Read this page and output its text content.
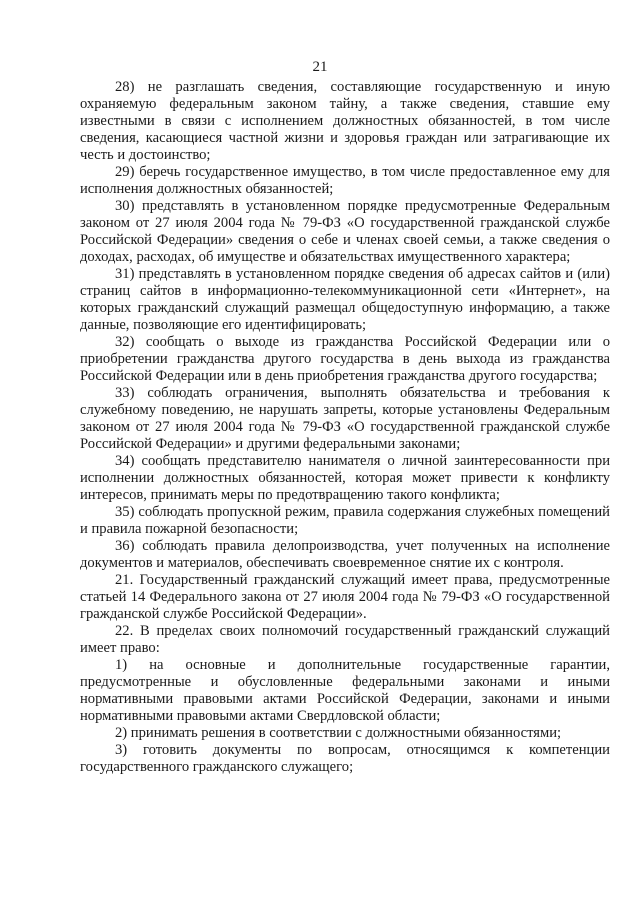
21

28) не разглашать сведения, составляющие государственную и иную охраняемую федеральным законом тайну, а также сведения, ставшие ему известными в связи с исполнением должностных обязанностей, в том числе сведения, касающиеся частной жизни и здоровья граждан или затрагивающие их честь и достоинство;

29) беречь государственное имущество, в том числе предоставленное ему для исполнения должностных обязанностей;

30) представлять в установленном порядке предусмотренные Федеральным законом от 27 июля 2004 года № 79-ФЗ «О государственной гражданской службе Российской Федерации» сведения о себе и членах своей семьи, а также сведения о доходах, расходах, об имуществе и обязательствах имущественного характера;

31) представлять в установленном порядке сведения об адресах сайтов и (или) страниц сайтов в информационно-телекоммуникационной сети «Интернет», на которых гражданский служащий размещал общедоступную информацию, а также данные, позволяющие его идентифицировать;

32) сообщать о выходе из гражданства Российской Федерации или о приобретении гражданства другого государства в день выхода из гражданства Российской Федерации или в день приобретения гражданства другого государства;

33) соблюдать ограничения, выполнять обязательства и требования к служебному поведению, не нарушать запреты, которые установлены Федеральным законом от 27 июля 2004 года № 79-ФЗ «О государственной гражданской службе Российской Федерации» и другими федеральными законами;

34) сообщать представителю нанимателя о личной заинтересованности при исполнении должностных обязанностей, которая может привести к конфликту интересов, принимать меры по предотвращению такого конфликта;

35) соблюдать пропускной режим, правила содержания служебных помещений и правила пожарной безопасности;

36) соблюдать правила делопроизводства, учет полученных на исполнение документов и материалов, обеспечивать своевременное снятие их с контроля.

21. Государственный гражданский служащий имеет права, предусмотренные статьей 14 Федерального закона от 27 июля 2004 года № 79-ФЗ «О государственной гражданской службе Российской Федерации».

22. В пределах своих полномочий государственный гражданский служащий имеет право:

1) на основные и дополнительные государственные гарантии, предусмотренные и обусловленные федеральными законами и иными нормативными правовыми актами Российской Федерации, законами и иными нормативными правовыми актами Свердловской области;

2) принимать решения в соответствии с должностными обязанностями;

3) готовить документы по вопросам, относящимся к компетенции государственного гражданского служащего;
